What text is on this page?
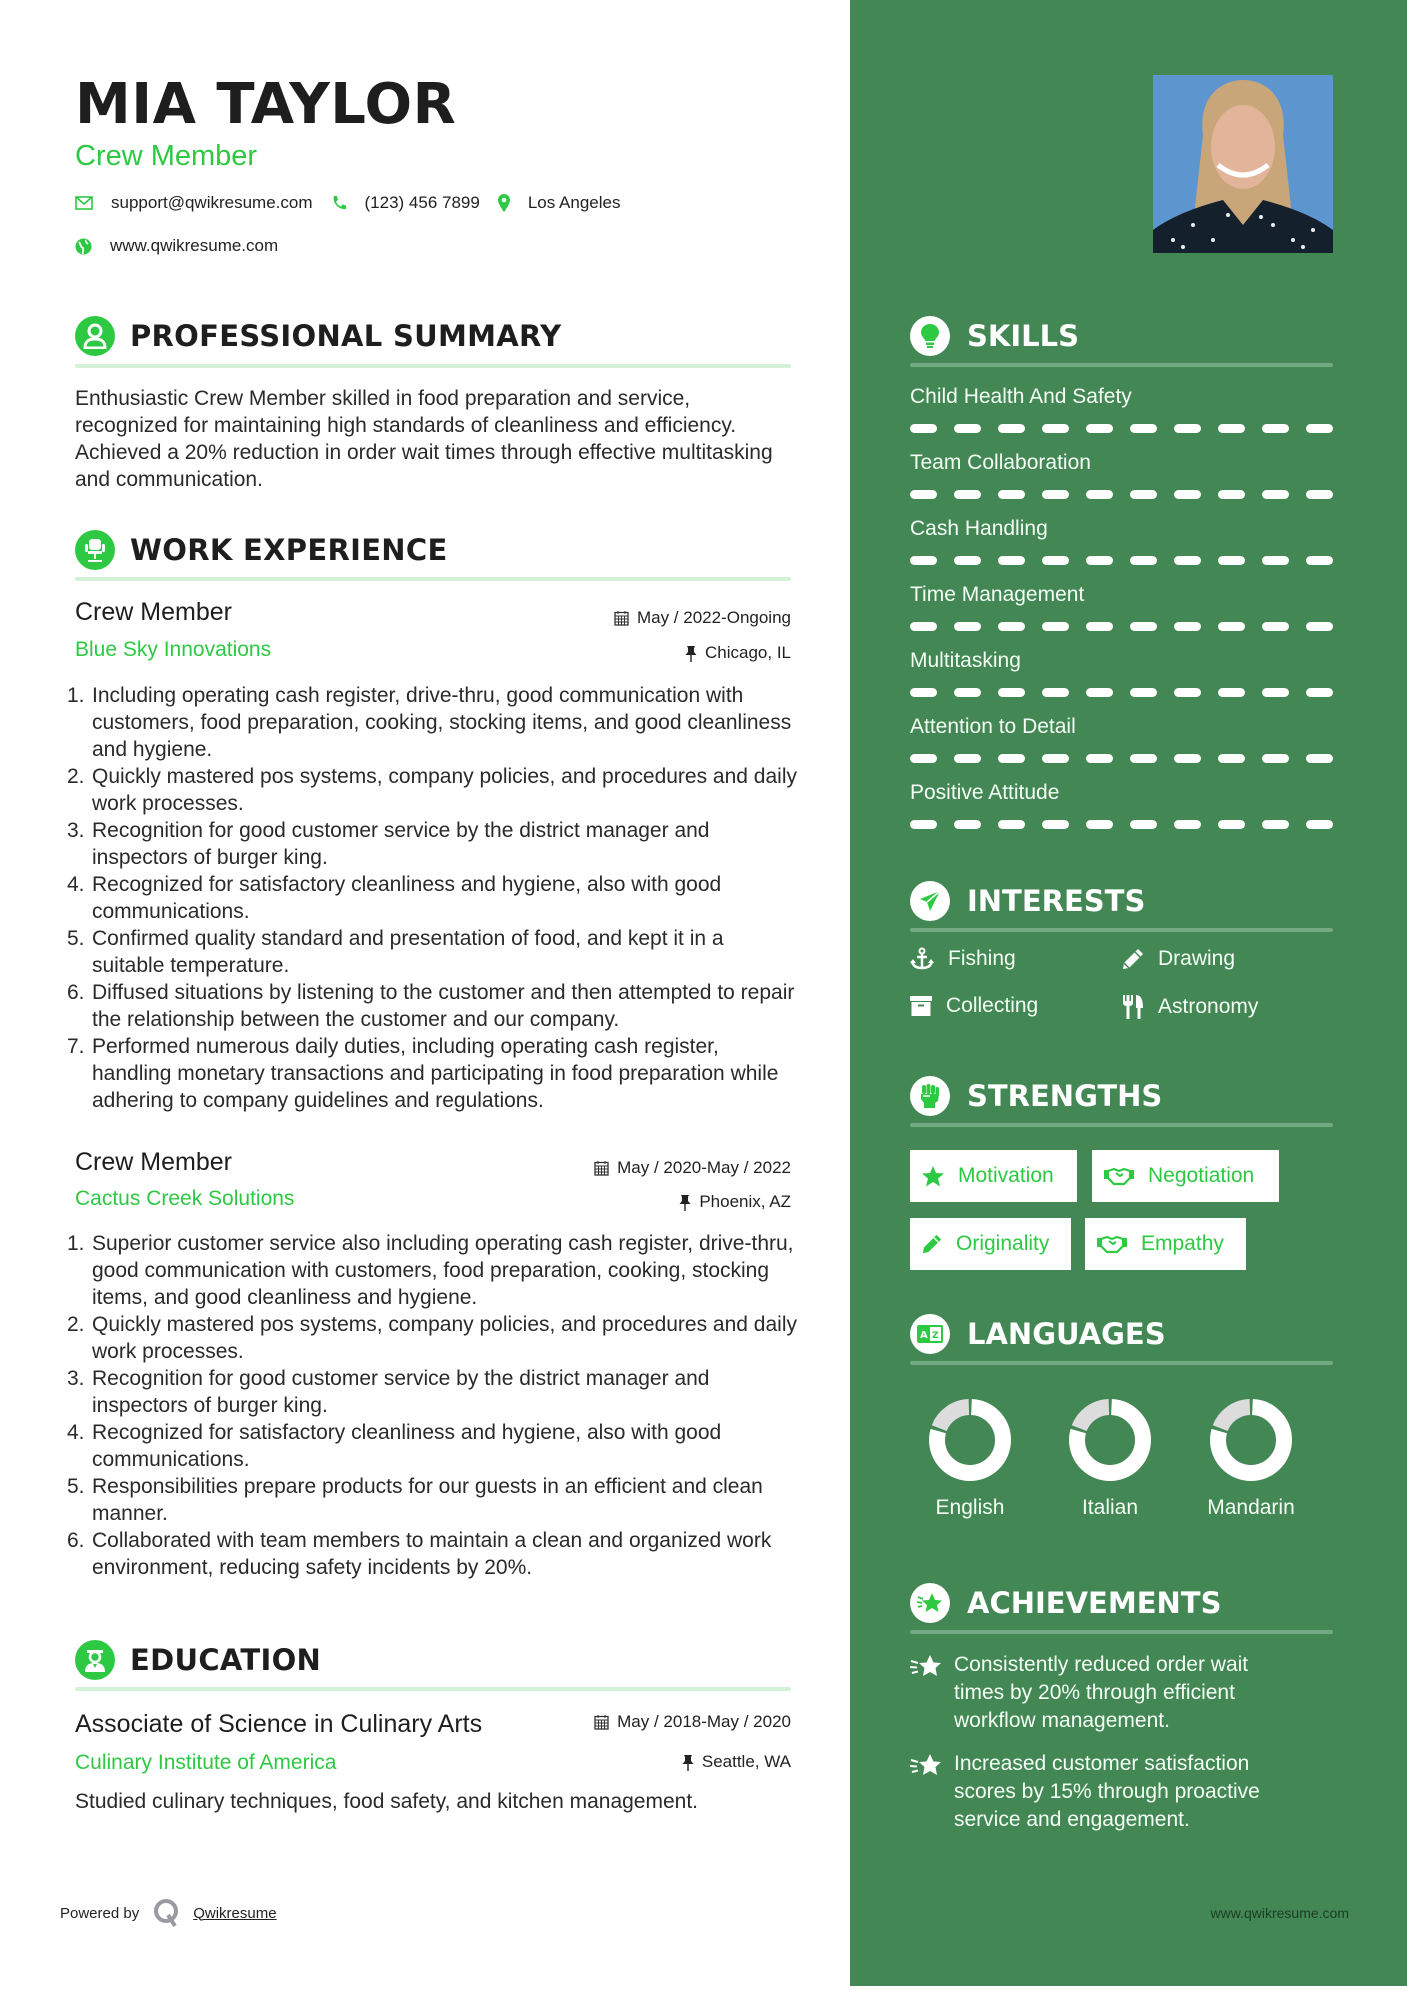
MIA TAYLOR
Crew Member
support@qwikresume.com	(123) 456 7899	Los Angeles
www.qwikresume.com
PROFESSIONAL SUMMARY
Enthusiastic Crew Member skilled in food preparation and service, recognized for maintaining high standards of cleanliness and efficiency. Achieved a 20% reduction in order wait times through effective multitasking and communication.
WORK EXPERIENCE
Crew Member	May / 2022-Ongoing
Blue Sky Innovations	Chicago, IL
1. Including operating cash register, drive-thru, good communication with customers, food preparation, cooking, stocking items, and good cleanliness and hygiene.
2. Quickly mastered pos systems, company policies, and procedures and daily work processes.
3. Recognition for good customer service by the district manager and inspectors of burger king.
4. Recognized for satisfactory cleanliness and hygiene, also with good communications.
5. Confirmed quality standard and presentation of food, and kept it in a suitable temperature.
6. Diffused situations by listening to the customer and then attempted to repair the relationship between the customer and our company.
7. Performed numerous daily duties, including operating cash register, handling monetary transactions and participating in food preparation while adhering to company guidelines and regulations.
Crew Member	May / 2020-May / 2022
Cactus Creek Solutions	Phoenix, AZ
1. Superior customer service also including operating cash register, drive-thru, good communication with customers, food preparation, cooking, stocking items, and good cleanliness and hygiene.
2. Quickly mastered pos systems, company policies, and procedures and daily work processes.
3. Recognition for good customer service by the district manager and inspectors of burger king.
4. Recognized for satisfactory cleanliness and hygiene, also with good communications.
5. Responsibilities prepare products for our guests in an efficient and clean manner.
6. Collaborated with team members to maintain a clean and organized work environment, reducing safety incidents by 20%.
EDUCATION
Associate of Science in Culinary Arts	May / 2018-May / 2020
Culinary Institute of America	Seattle, WA
Studied culinary techniques, food safety, and kitchen management.
Powered by	Qwikresume
SKILLS
Child Health And Safety
Team Collaboration
Cash Handling
Time Management
Multitasking
Attention to Detail
Positive Attitude
INTERESTS
Fishing	Drawing
Collecting	Astronomy
STRENGTHS
Motivation	Negotiation
Originality	Empathy
A Z LANGUAGES
English	Italian	Mandarin
ACHIEVEMENTS
Consistently reduced order wait times by 20% through efficient workflow management.
Increased customer satisfaction scores by 15% through proactive service and engagement.
www.qwikresume.com
